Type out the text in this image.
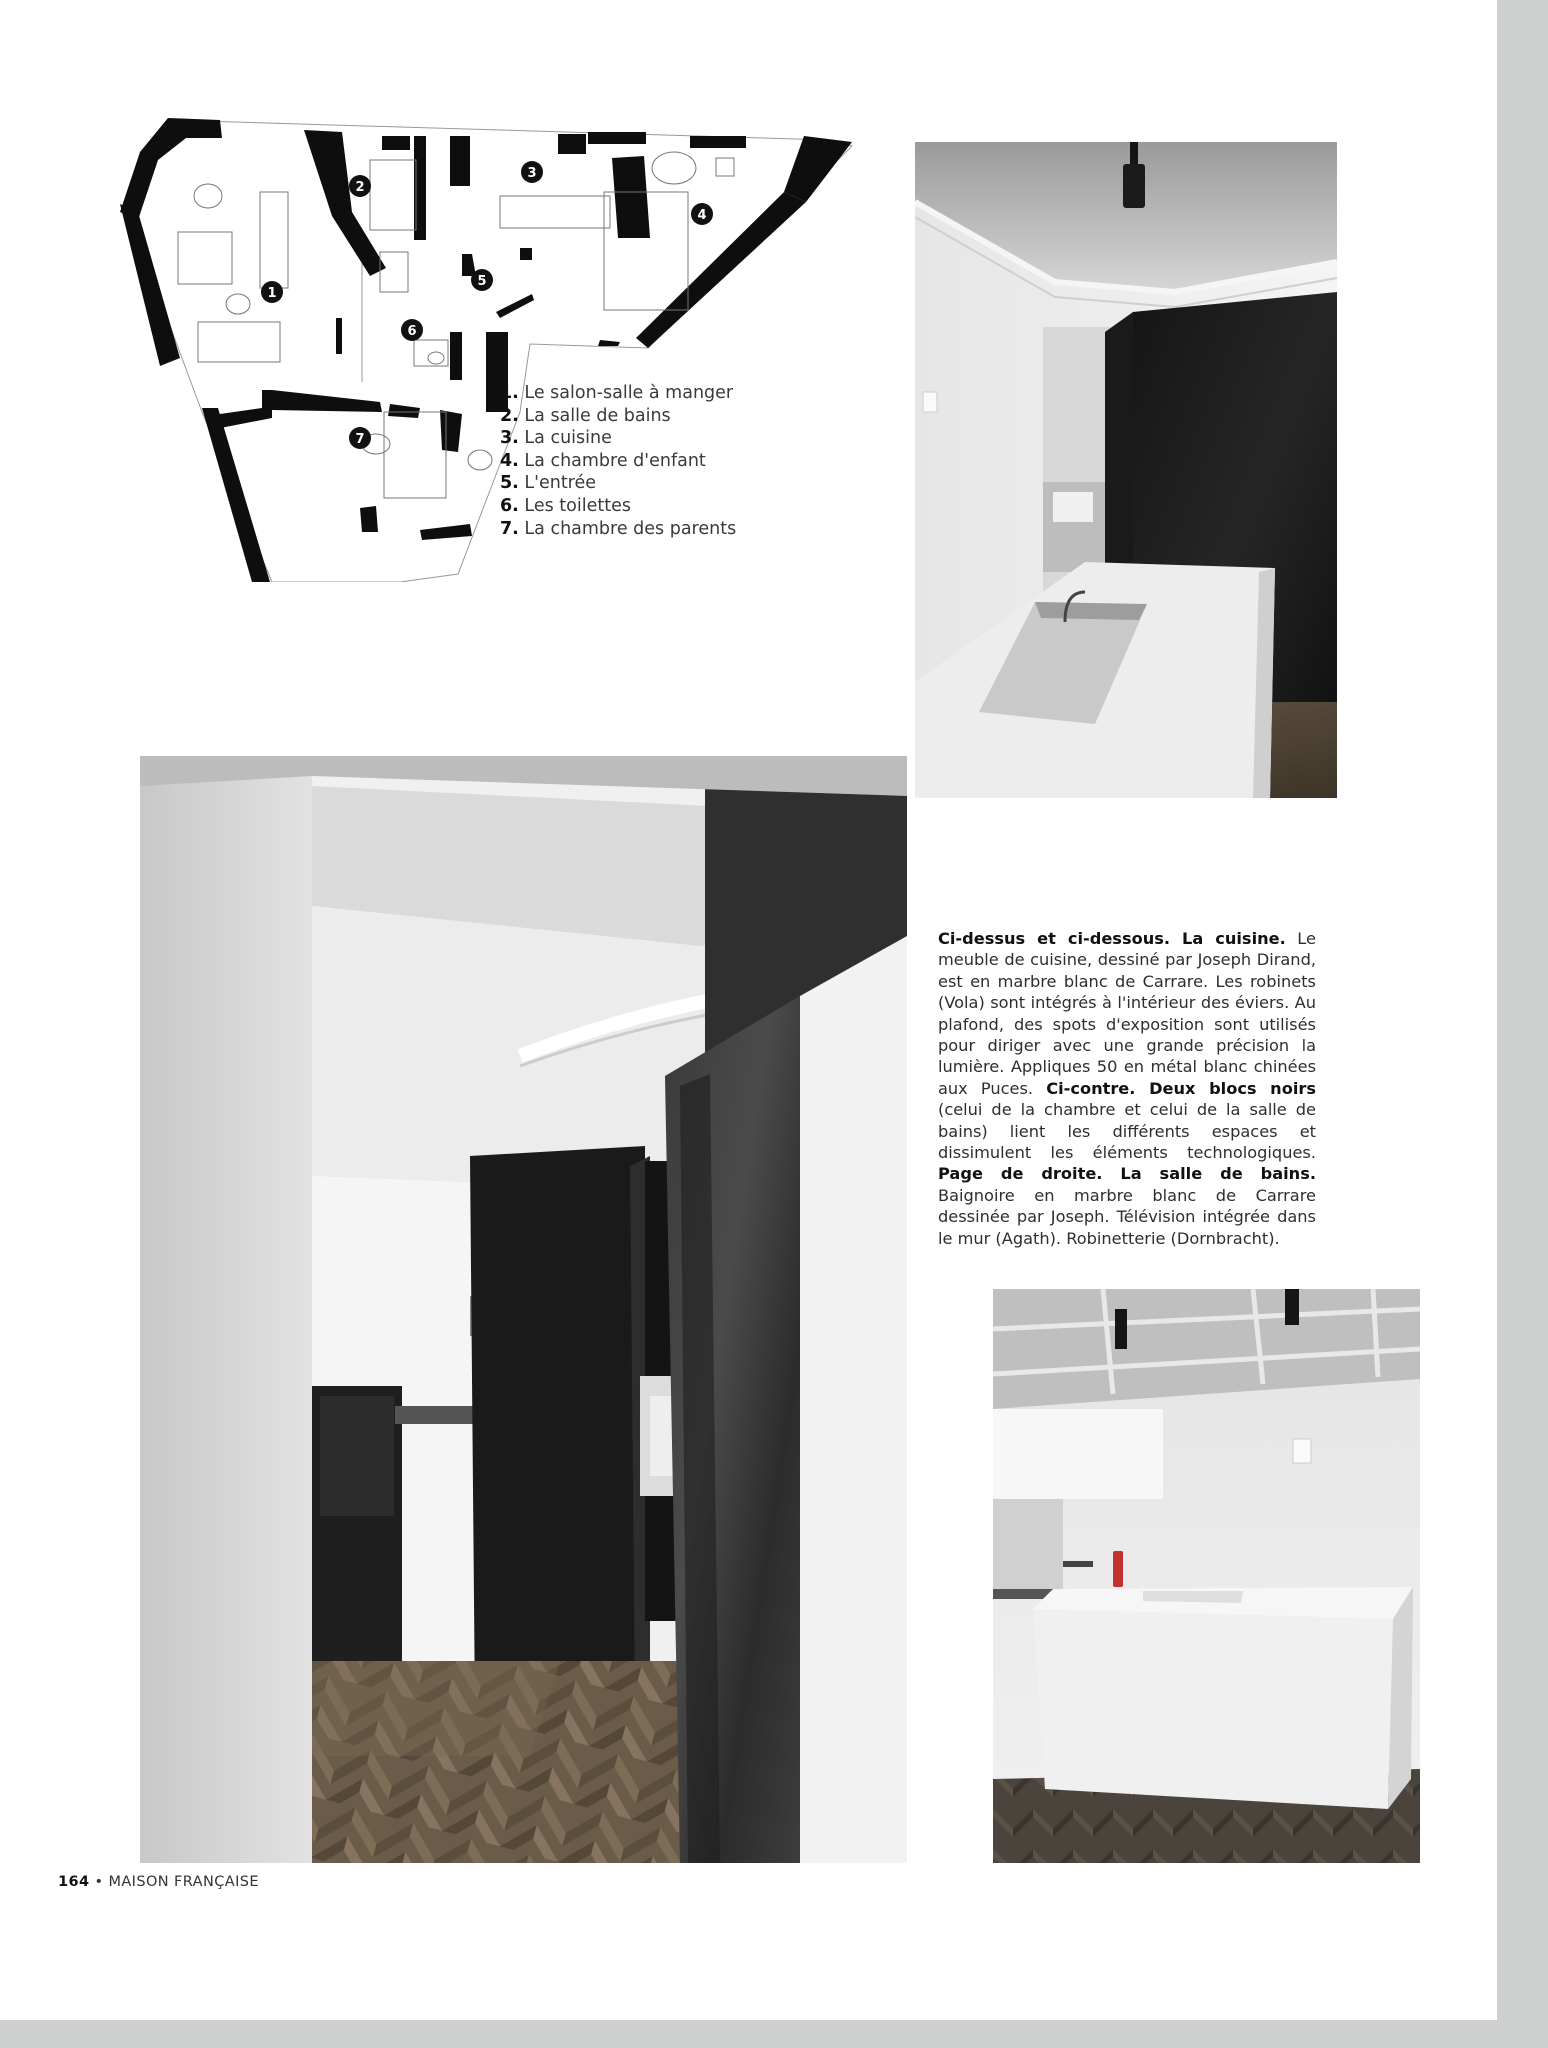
1
2
3
4
5
6
7
1. Le salon-salle à manger
2. La salle de bains
3. La cuisine
4. La chambre d'enfant
5. L'entrée
6. Les toilettes
7. La chambre des parents

Ci-dessus et ci-dessous. La cuisine. Le meuble de cuisine, dessiné par Joseph Dirand, est en marbre blanc de Carrare. Les robinets (Vola) sont intégrés à l'intérieur des éviers. Au plafond, des spots d'exposition sont utilisés pour diriger avec une grande précision la lumière. Appliques 50 en métal blanc chinées aux Puces. Ci-contre. Deux blocs noirs (celui de la chambre et celui de la salle de bains) lient les différents espaces et dissimulent les éléments technologiques. Page de droite. La salle de bains. Baignoire en marbre blanc de Carrare dessinée par Joseph. Télévision intégrée dans le mur (Agath). Robinetterie (Dornbracht).

164 • MAISON FRANÇAISE
